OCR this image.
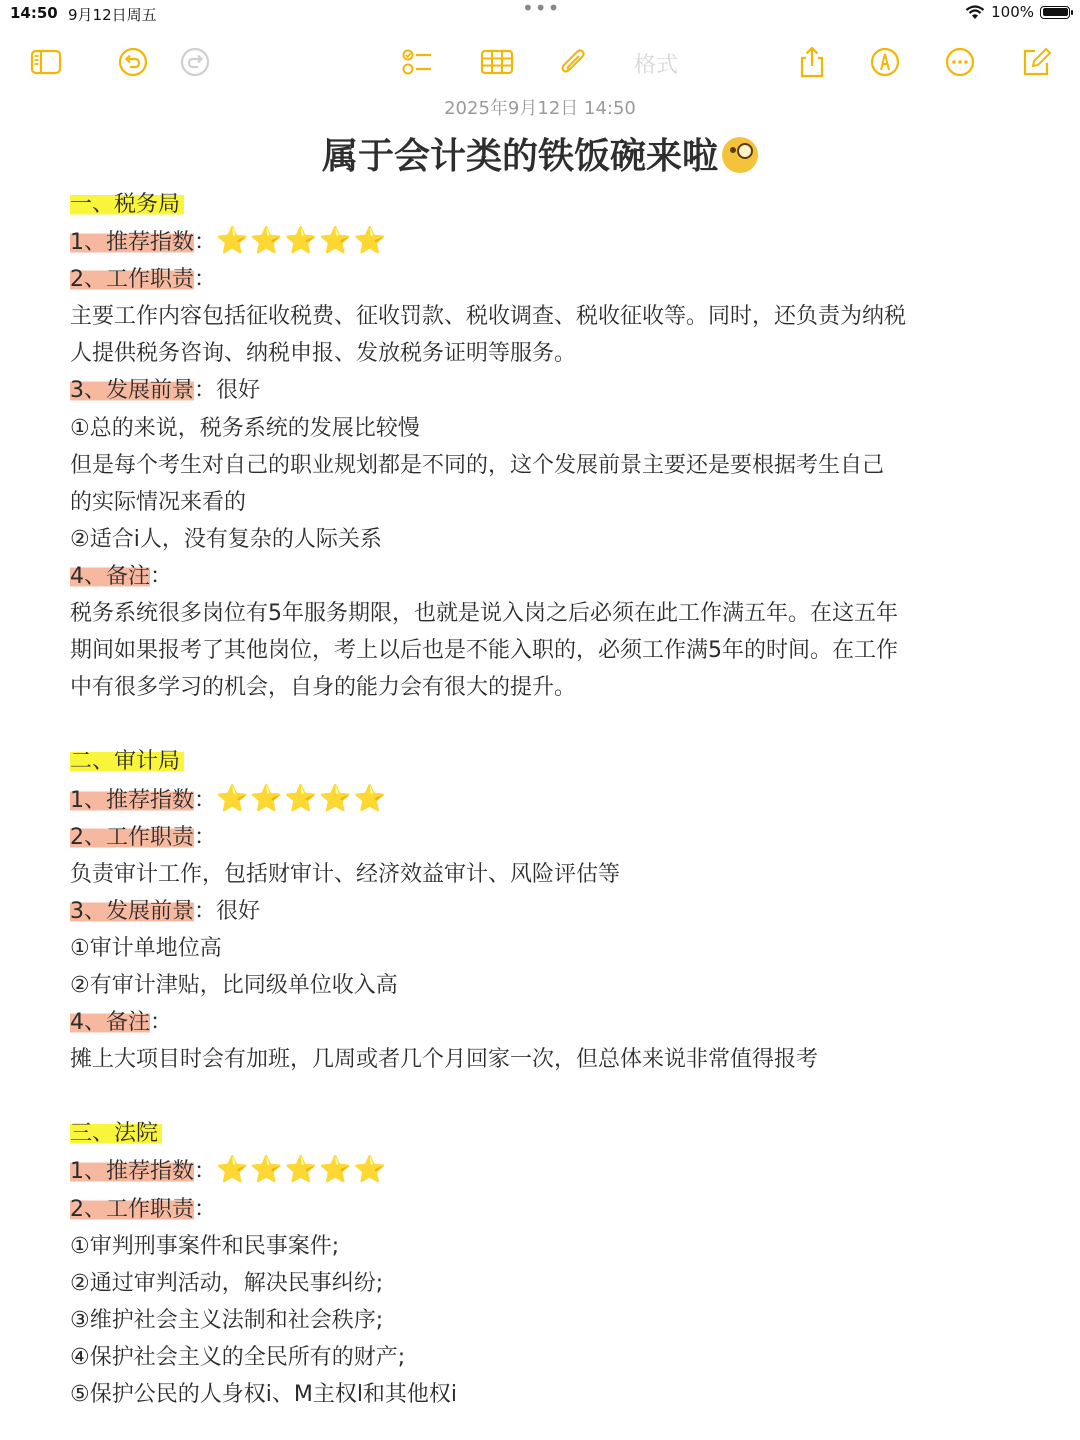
14:50 9月12日周五	•••	100%
格式
2025年9月12日 14:50
属于会计类的铁饭碗来啦
一、税务局
1、推荐指数：⭐⭐⭐⭐⭐
2、工作职责：
主要工作内容包括征收税费、征收罚款、税收调查、税收征收等。同时，还负责为纳税
人提供税务咨询、纳税申报、发放税务证明等服务。
3、发展前景：很好
①总的来说，税务系统的发展比较慢
但是每个考生对自己的职业规划都是不同的，这个发展前景主要还是要根据考生自己
的实际情况来看的
②适合i人，没有复杂的人际关系
4、备注：
税务系统很多岗位有5年服务期限，也就是说入岗之后必须在此工作满五年。在这五年
期间如果报考了其他岗位，考上以后也是不能入职的，必须工作满5年的时间。在工作
中有很多学习的机会，自身的能力会有很大的提升。
二、审计局
1、推荐指数：⭐⭐⭐⭐⭐
2、工作职责：
负责审计工作，包括财审计、经济效益审计、风险评估等
3、发展前景：很好
①审计单地位高
②有审计津贴，比同级单位收入高
4、备注：
摊上大项目时会有加班，几周或者几个月回家一次，但总体来说非常值得报考
三、法院
1、推荐指数：⭐⭐⭐⭐⭐
2、工作职责：
①审判刑事案件和民事案件;
②通过审判活动，解决民事纠纷;
③维护社会主义法制和社会秩序;
④保护社会主义的全民所有的财产;
⑤保护公民的人身权i、M主权l和其他权i
